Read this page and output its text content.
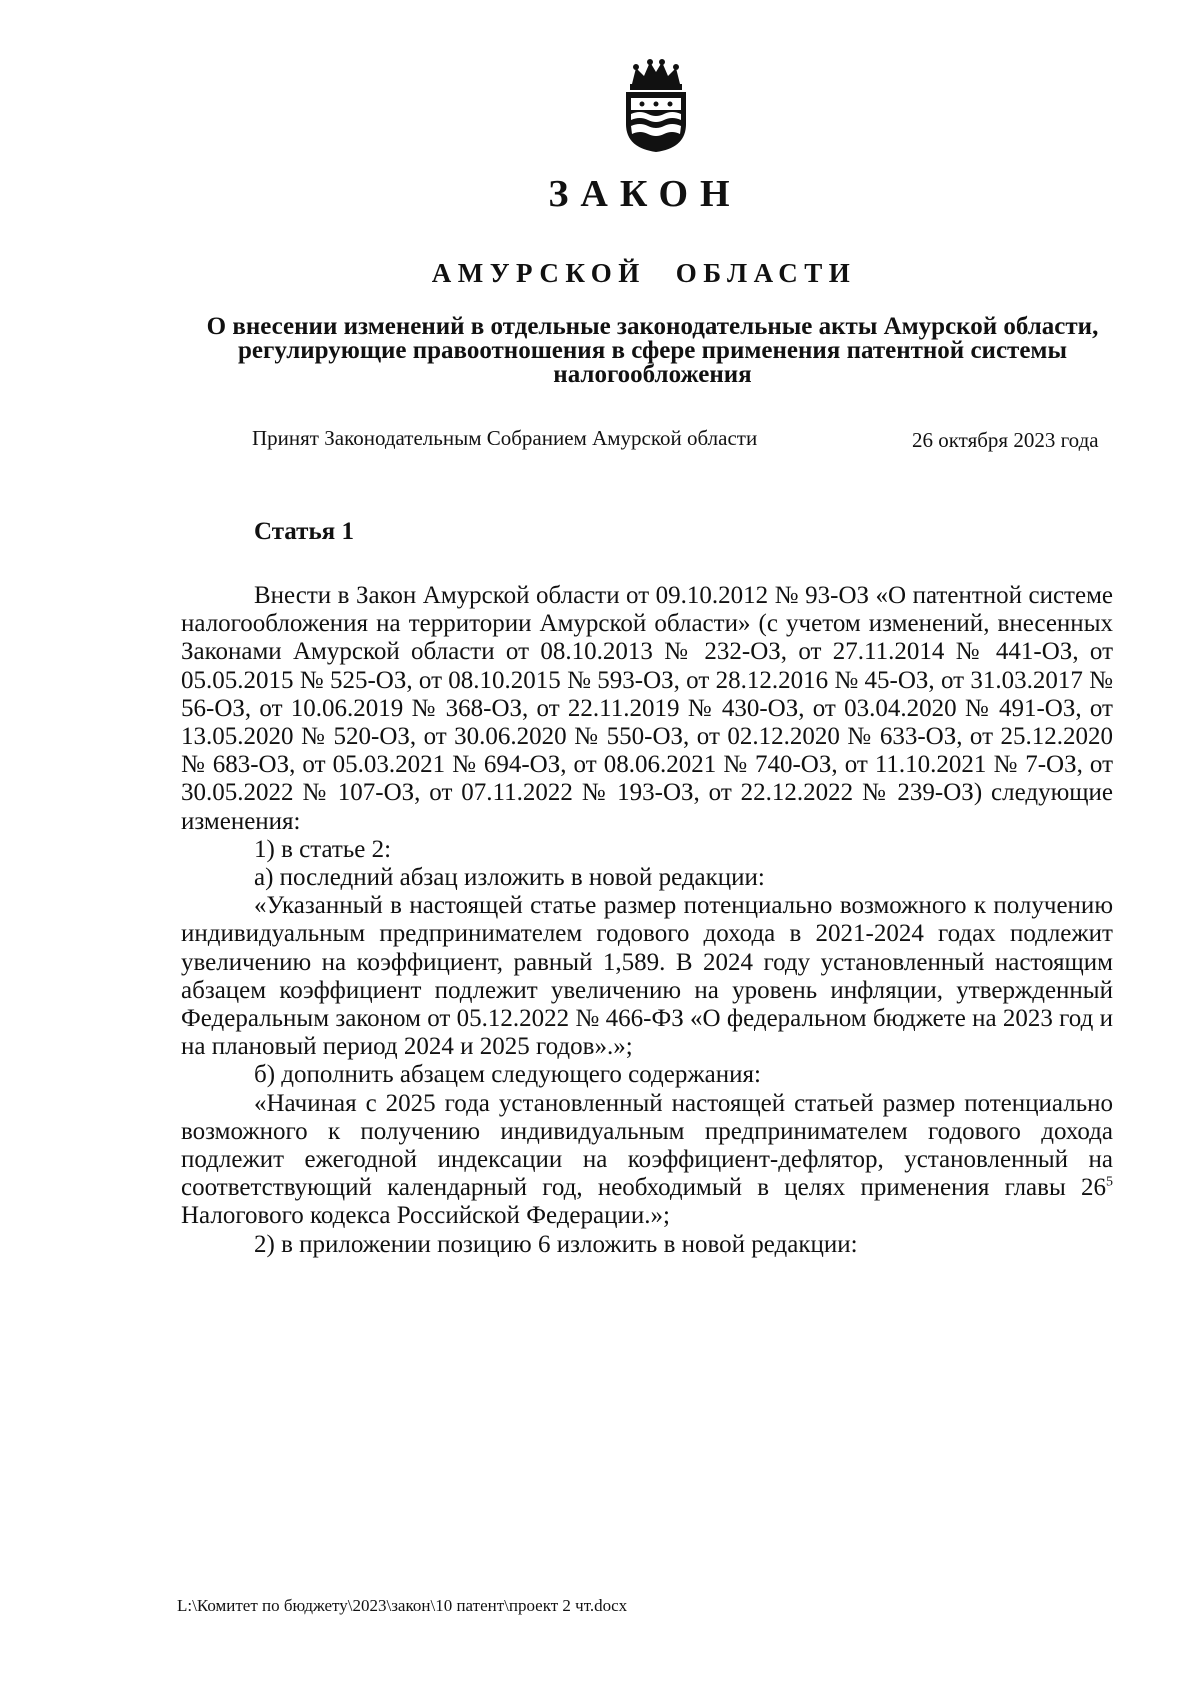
ЗАКОН
АМУРСКОЙ ОБЛАСТИ
О внесении изменений в отдельные законодательные акты Амурской области, регулирующие правоотношения в сфере применения патентной системы налогообложения
Принят Законодательным Собранием Амурской области	26 октября 2023 года
Статья 1

Внести в Закон Амурской области от 09.10.2012 № 93-ОЗ «О патентной системе налогообложения на территории Амурской области» (с учетом изменений, внесенных Законами Амурской области от 08.10.2013 № 232-ОЗ, от 27.11.2014 № 441-ОЗ, от 05.05.2015 № 525-ОЗ, от 08.10.2015 № 593-ОЗ, от 28.12.2016 № 45-ОЗ, от 31.03.2017 № 56-ОЗ, от 10.06.2019 № 368-ОЗ, от 22.11.2019 № 430-ОЗ, от 03.04.2020 № 491-ОЗ, от 13.05.2020 № 520-ОЗ, от 30.06.2020 № 550-ОЗ, от 02.12.2020 № 633-ОЗ, от 25.12.2020 № 683-ОЗ, от 05.03.2021 № 694-ОЗ, от 08.06.2021 № 740-ОЗ, от 11.10.2021 № 7-ОЗ, от 30.05.2022 № 107-ОЗ, от 07.11.2022 № 193-ОЗ, от 22.12.2022 № 239-ОЗ) следующие изменения:

1) в статье 2:

а) последний абзац изложить в новой редакции:

«Указанный в настоящей статье размер потенциально возможного к получению индивидуальным предпринимателем годового дохода в 2021-2024 годах подлежит увеличению на коэффициент, равный 1,589. В 2024 году установленный настоящим абзацем коэффициент подлежит увеличению на уровень инфляции, утвержденный Федеральным законом от 05.12.2022 № 466-ФЗ «О федеральном бюджете на 2023 год и на плановый период 2024 и 2025 годов».»;

б) дополнить абзацем следующего содержания:

«Начиная с 2025 года установленный настоящей статьей размер потенциально возможного к получению индивидуальным предпринимателем годового дохода подлежит ежегодной индексации на коэффициент-дефлятор, установленный на соответствующий календарный год, необходимый в целях применения главы $26^5$ Налогового кодекса Российской Федерации.»;

2) в приложении позицию 6 изложить в новой редакции:

L:\Комитет по бюджету\2023\закон\10 патент\проект 2 чт.docx
